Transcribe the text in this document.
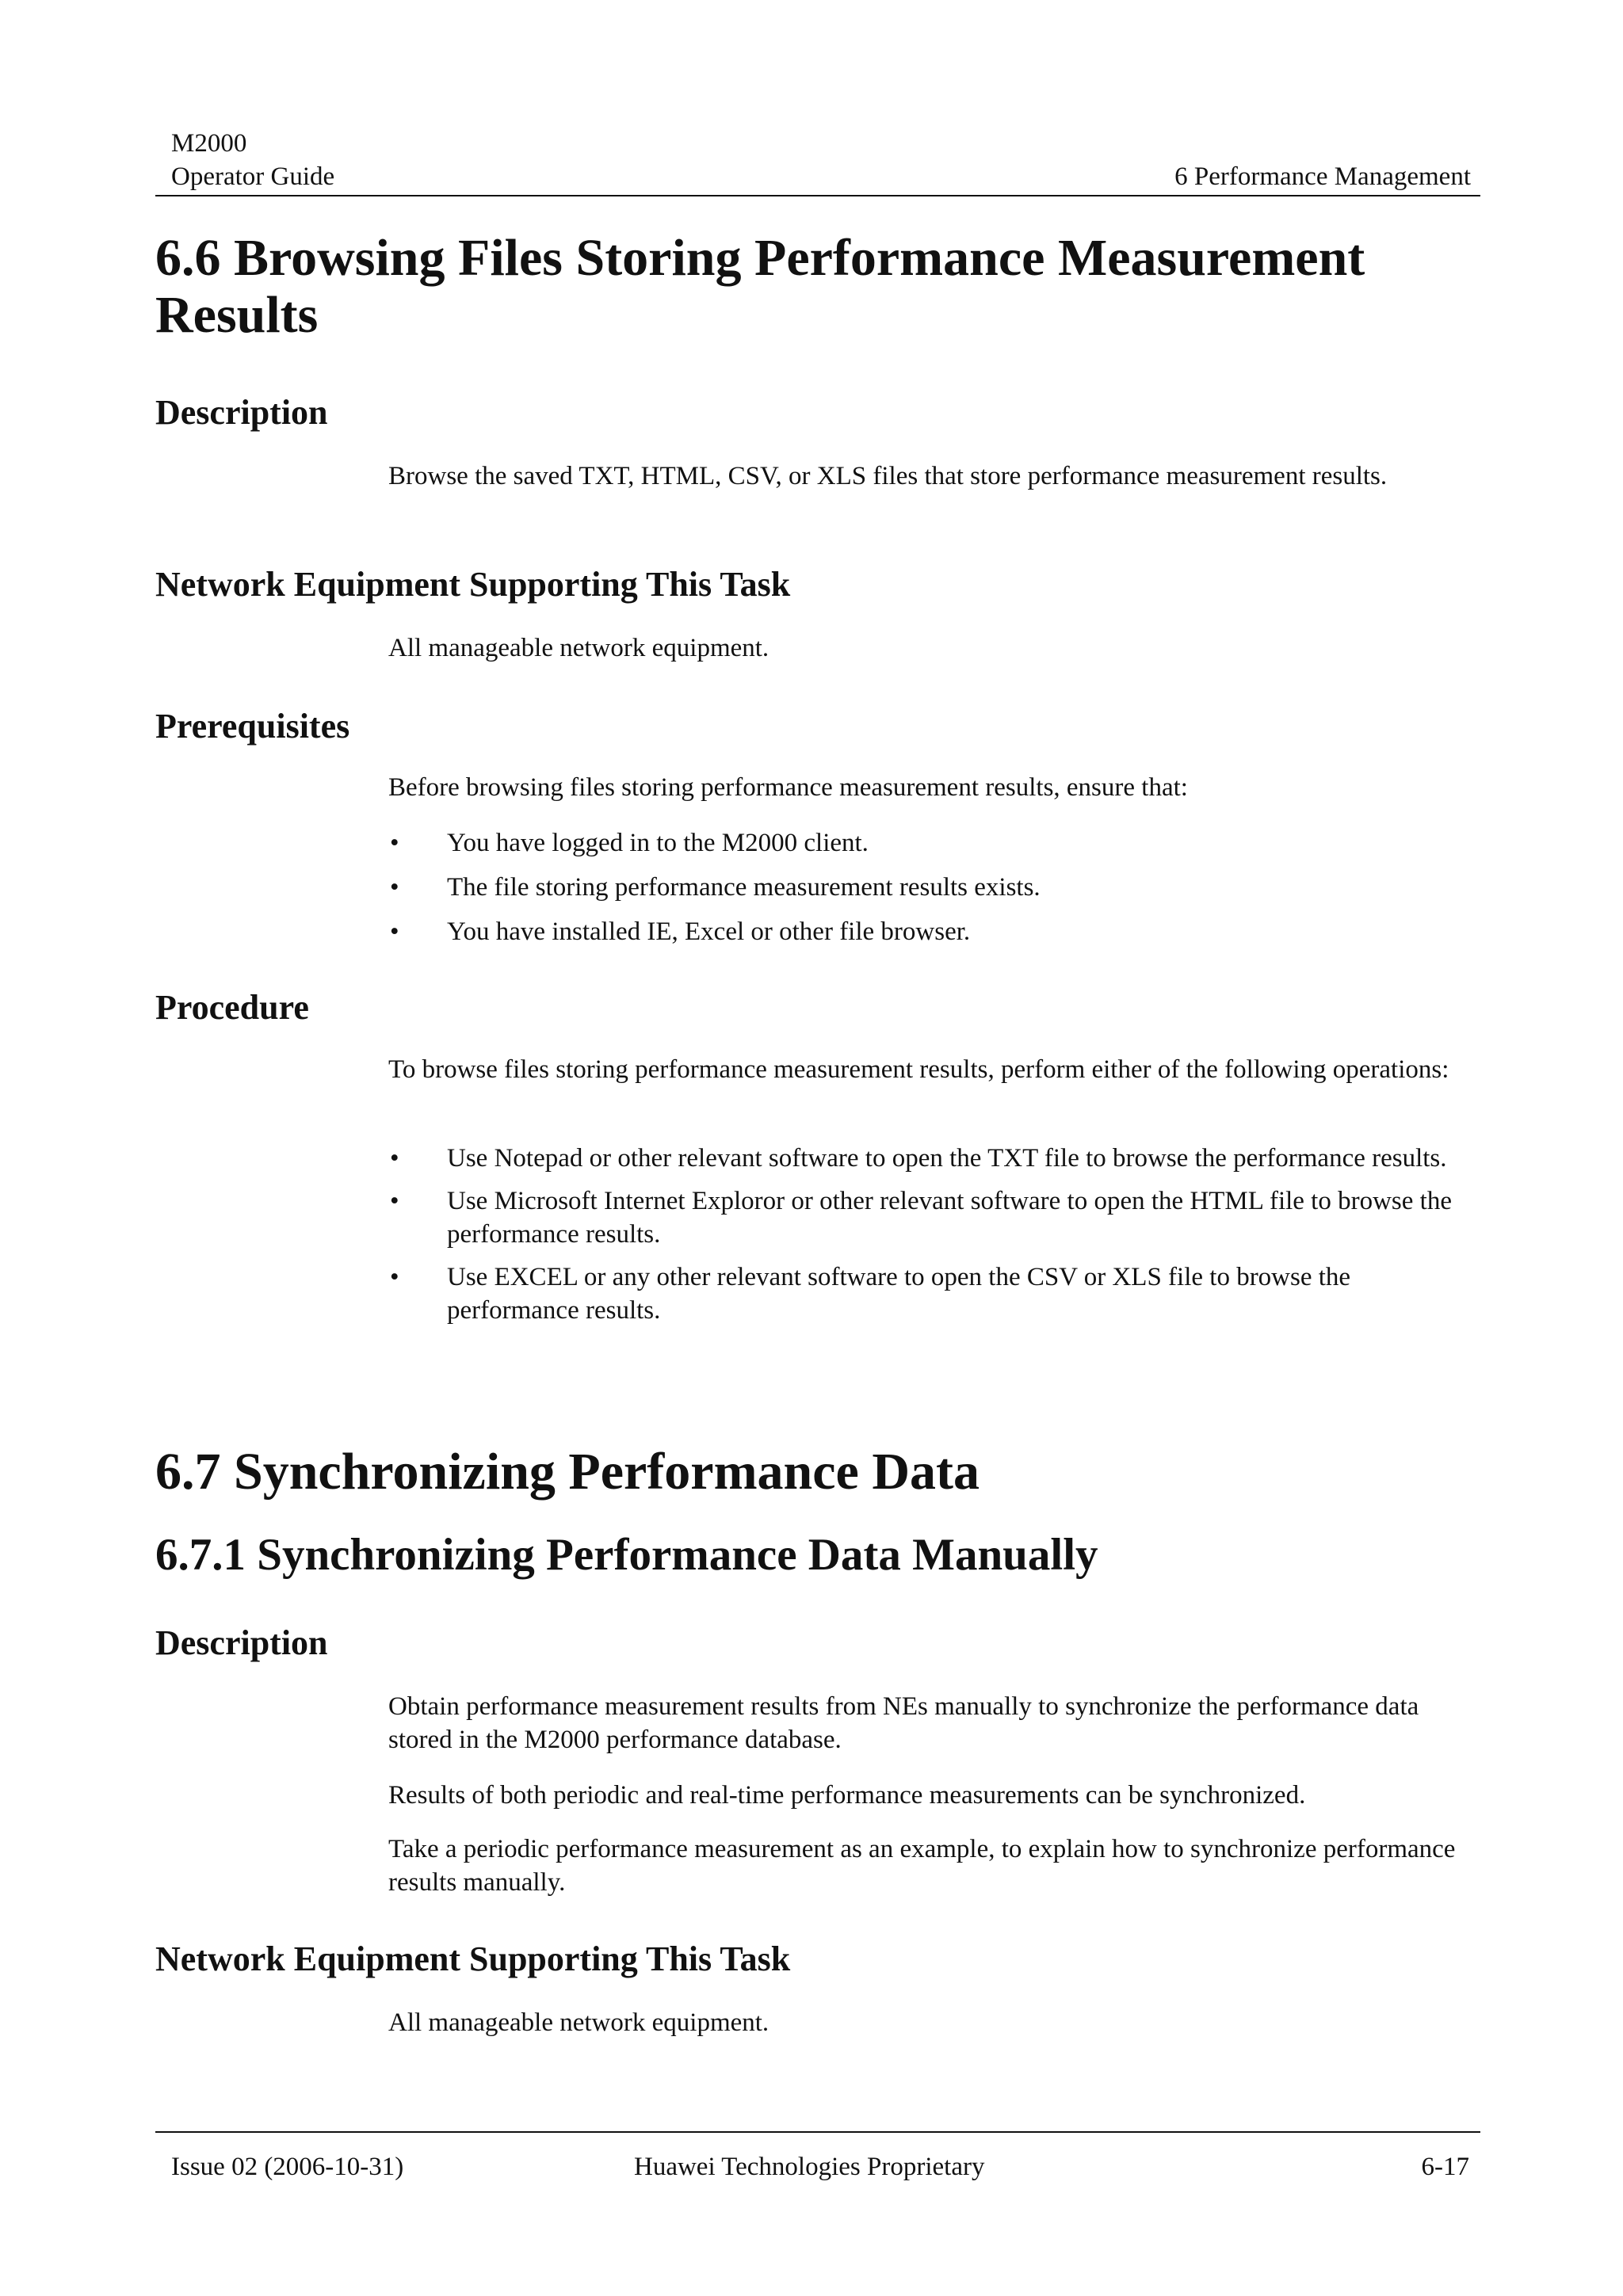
M2000
Operator Guide	6 Performance Management
6.6 Browsing Files Storing Performance Measurement Results
Description

Browse the saved TXT, HTML, CSV, or XLS files that store performance measurement results.

Network Equipment Supporting This Task

All manageable network equipment.

Prerequisites

Before browsing files storing performance measurement results, ensure that:

• You have logged in to the M2000 client.
• The file storing performance measurement results exists.
• You have installed IE, Excel or other file browser.
Procedure

To browse files storing performance measurement results, perform either of the following operations:

• Use Notepad or other relevant software to open the TXT file to browse the performance results.
• Use Microsoft Internet Exploror or other relevant software to open the HTML file to browse the performance results.
• Use EXCEL or any other relevant software to open the CSV or XLS file to browse the performance results.
6.7 Synchronizing Performance Data
6.7.1 Synchronizing Performance Data Manually
Description

Obtain performance measurement results from NEs manually to synchronize the performance data stored in the M2000 performance database.

Results of both periodic and real-time performance measurements can be synchronized.

Take a periodic performance measurement as an example, to explain how to synchronize performance results manually.

Network Equipment Supporting This Task

All manageable network equipment.

Issue 02 (2006-10-31)	Huawei Technologies Proprietary	6-17
